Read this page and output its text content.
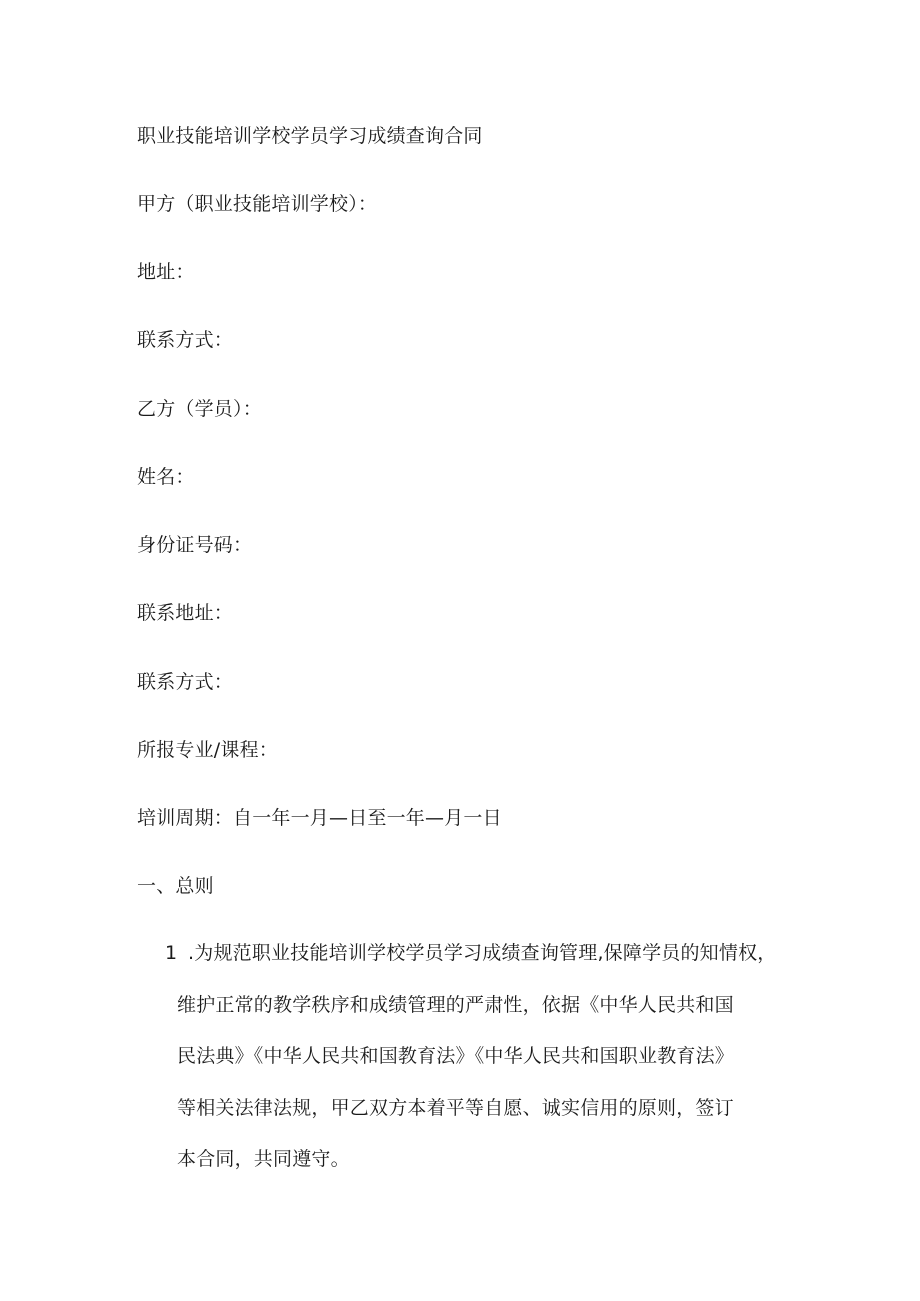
职业技能培训学校学员学习成绩查询合同
甲方（职业技能培训学校）：
地址：
联系方式：
乙方（学员）：
姓名：
身份证号码：
联系地址：
联系方式：
所报专业/课程：
培训周期：自一年一月—日至一年—月一日
一、总则
1 .为规范职业技能培训学校学员学习成绩查询管理,保障学员的知情权，
维护正常的教学秩序和成绩管理的严肃性，依据《中华人民共和国
民法典》《中华人民共和国教育法》《中华人民共和国职业教育法》
等相关法律法规，甲乙双方本着平等自愿、诚实信用的原则，签订
本合同，共同遵守。
